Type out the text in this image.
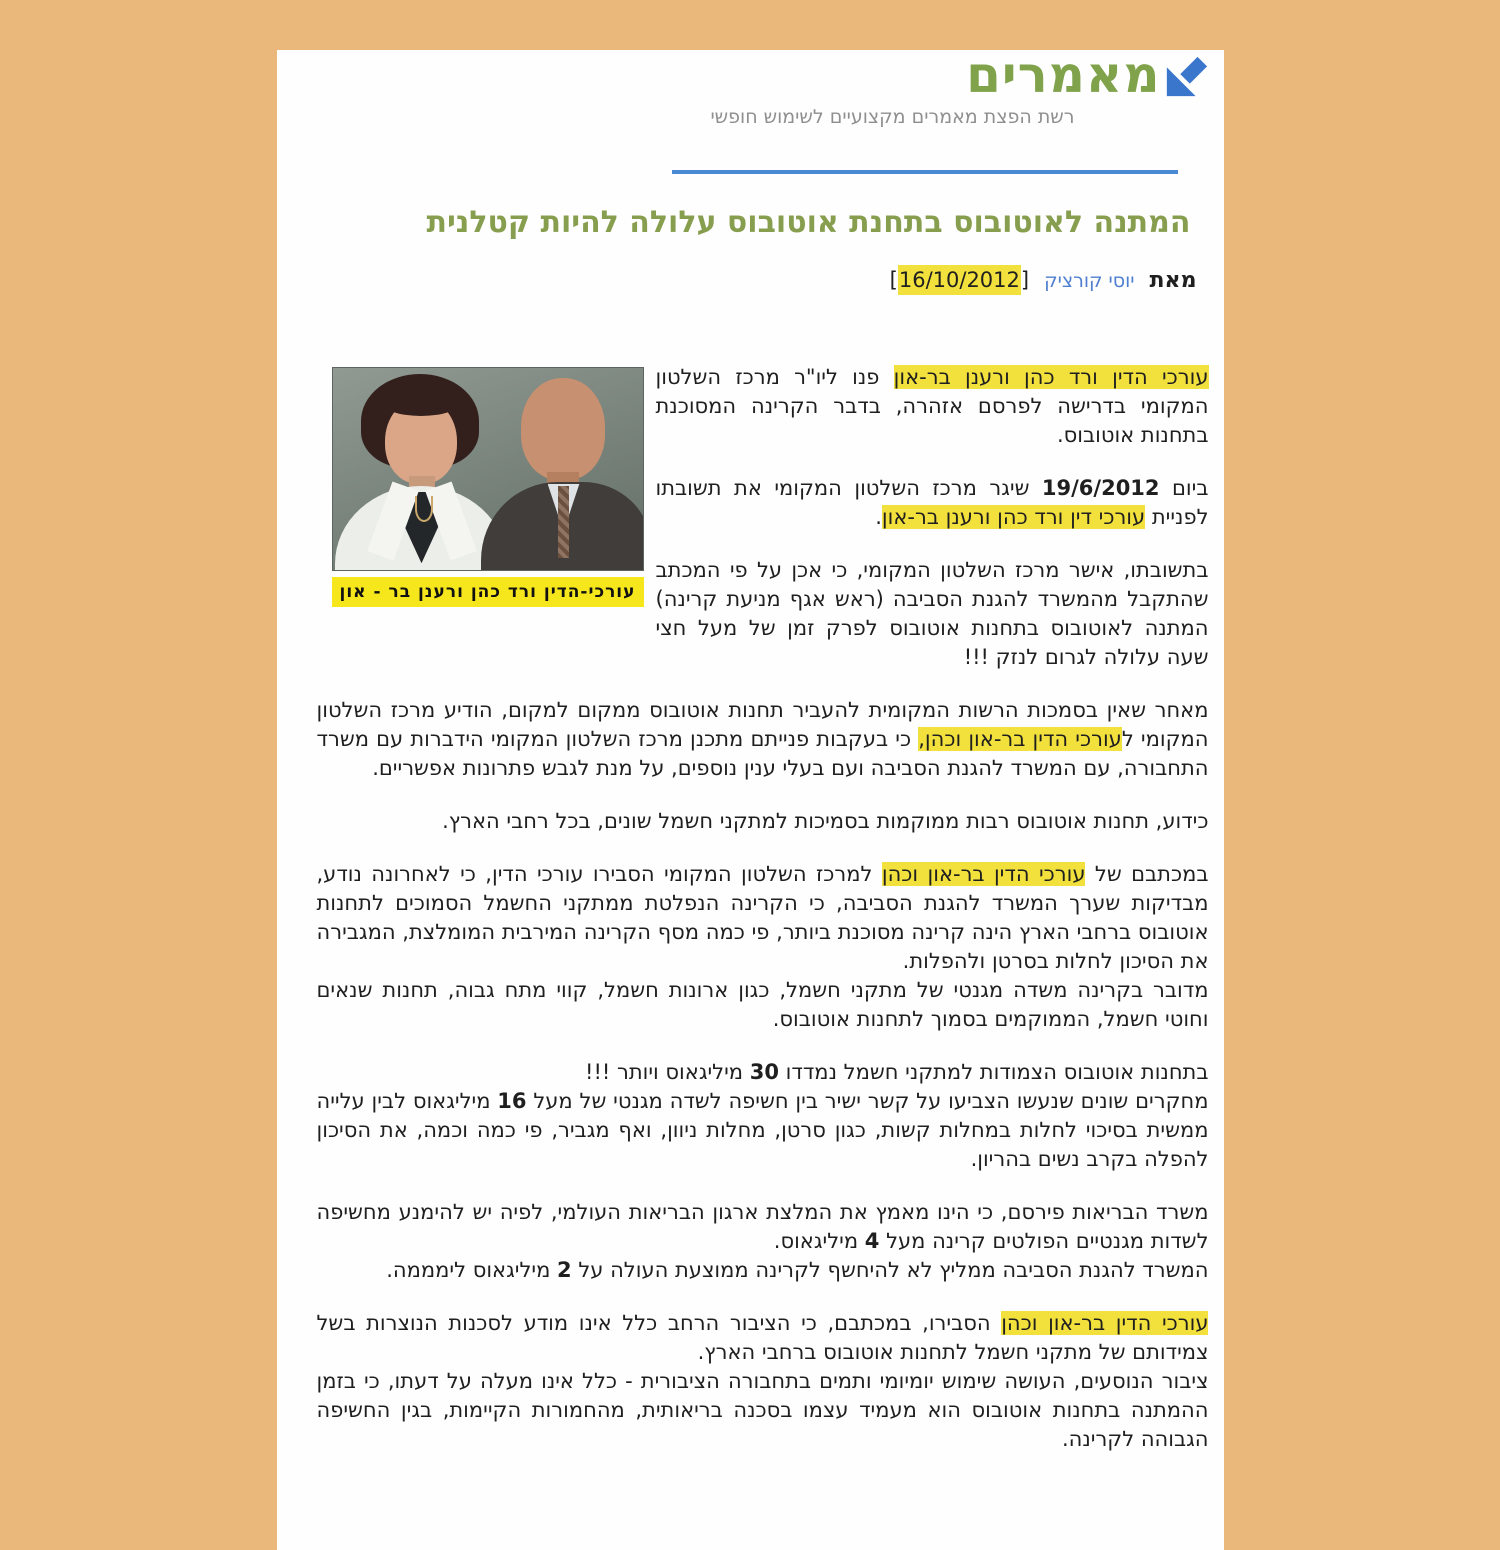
מאמרים
רשת הפצת מאמרים מקצועיים לשימוש חופשי
המתנה לאוטובוס בתחנת אוטובוס עלולה להיות קטלנית
מאת יוסי קורציק [16/10/2012]
עורכי-הדין ורד כהן ורענן בר - און

עורכי הדין ורד כהן ורענן בר-און פנו ליו"ר מרכז השלטון המקומי בדרישה לפרסם אזהרה, בדבר הקרינה המסוכנת בתחנות אוטובוס.

ביום 19/6/2012 שיגר מרכז השלטון המקומי את תשובתו לפניית עורכי דין ורד כהן ורענן בר-און.

בתשובתו, אישר מרכז השלטון המקומי, כי אכן על פי המכתב שהתקבל מהמשרד להגנת הסביבה (ראש אגף מניעת קרינה) המתנה לאוטובוס בתחנות אוטובוס לפרק זמן של מעל חצי שעה עלולה לגרום לנזק !!!

מאחר שאין בסמכות הרשות המקומית להעביר תחנות אוטובוס ממקום למקום, הודיע מרכז השלטון המקומי לעורכי הדין בר-און וכהן, כי בעקבות פנייתם מתכנן מרכז השלטון המקומי הידברות עם משרד התחבורה, עם המשרד להגנת הסביבה ועם בעלי ענין נוספים, על מנת לגבש פתרונות אפשריים.

כידוע, תחנות אוטובוס רבות ממוקמות בסמיכות למתקני חשמל שונים, בכל רחבי הארץ.

במכתבם של עורכי הדין בר-און וכהן למרכז השלטון המקומי הסבירו עורכי הדין, כי לאחרונה נודע, מבדיקות שערך המשרד להגנת הסביבה, כי הקרינה הנפלטת ממתקני החשמל הסמוכים לתחנות אוטובוס ברחבי הארץ הינה קרינה מסוכנת ביותר, פי כמה מסף הקרינה המירבית המומלצת, המגבירה את הסיכון לחלות בסרטן ולהפלות.
מדובר בקרינה משדה מגנטי של מתקני חשמל, כגון ארונות חשמל, קווי מתח גבוה, תחנות שנאים וחוטי חשמל, הממוקמים בסמוך לתחנות אוטובוס.

בתחנות אוטובוס הצמודות למתקני חשמל נמדדו 30 מיליגאוס ויותר !!!
מחקרים שונים שנעשו הצביעו על קשר ישיר בין חשיפה לשדה מגנטי של מעל 16 מיליגאוס לבין עלייה ממשית בסיכוי לחלות במחלות קשות, כגון סרטן, מחלות ניוון, ואף מגביר, פי כמה וכמה, את הסיכון להפלה בקרב נשים בהריון.

משרד הבריאות פירסם, כי הינו מאמץ את המלצת ארגון הבריאות העולמי, לפיה יש להימנע מחשיפה לשדות מגנטיים הפולטים קרינה מעל 4 מיליגאוס.
המשרד להגנת הסביבה ממליץ לא להיחשף לקרינה ממוצעת העולה על 2 מיליגאוס לימממה.

עורכי הדין בר-און וכהן הסבירו, במכתבם, כי הציבור הרחב כלל אינו מודע לסכנות הנוצרות בשל צמידותם של מתקני חשמל לתחנות אוטובוס ברחבי הארץ.
ציבור הנוסעים, העושה שימוש יומיומי ותמים בתחבורה הציבורית - כלל אינו מעלה על דעתו, כי בזמן ההמתנה בתחנות אוטובוס הוא מעמיד עצמו בסכנה בריאותית, מהחמורות הקיימות, בגין החשיפה הגבוהה לקרינה.
